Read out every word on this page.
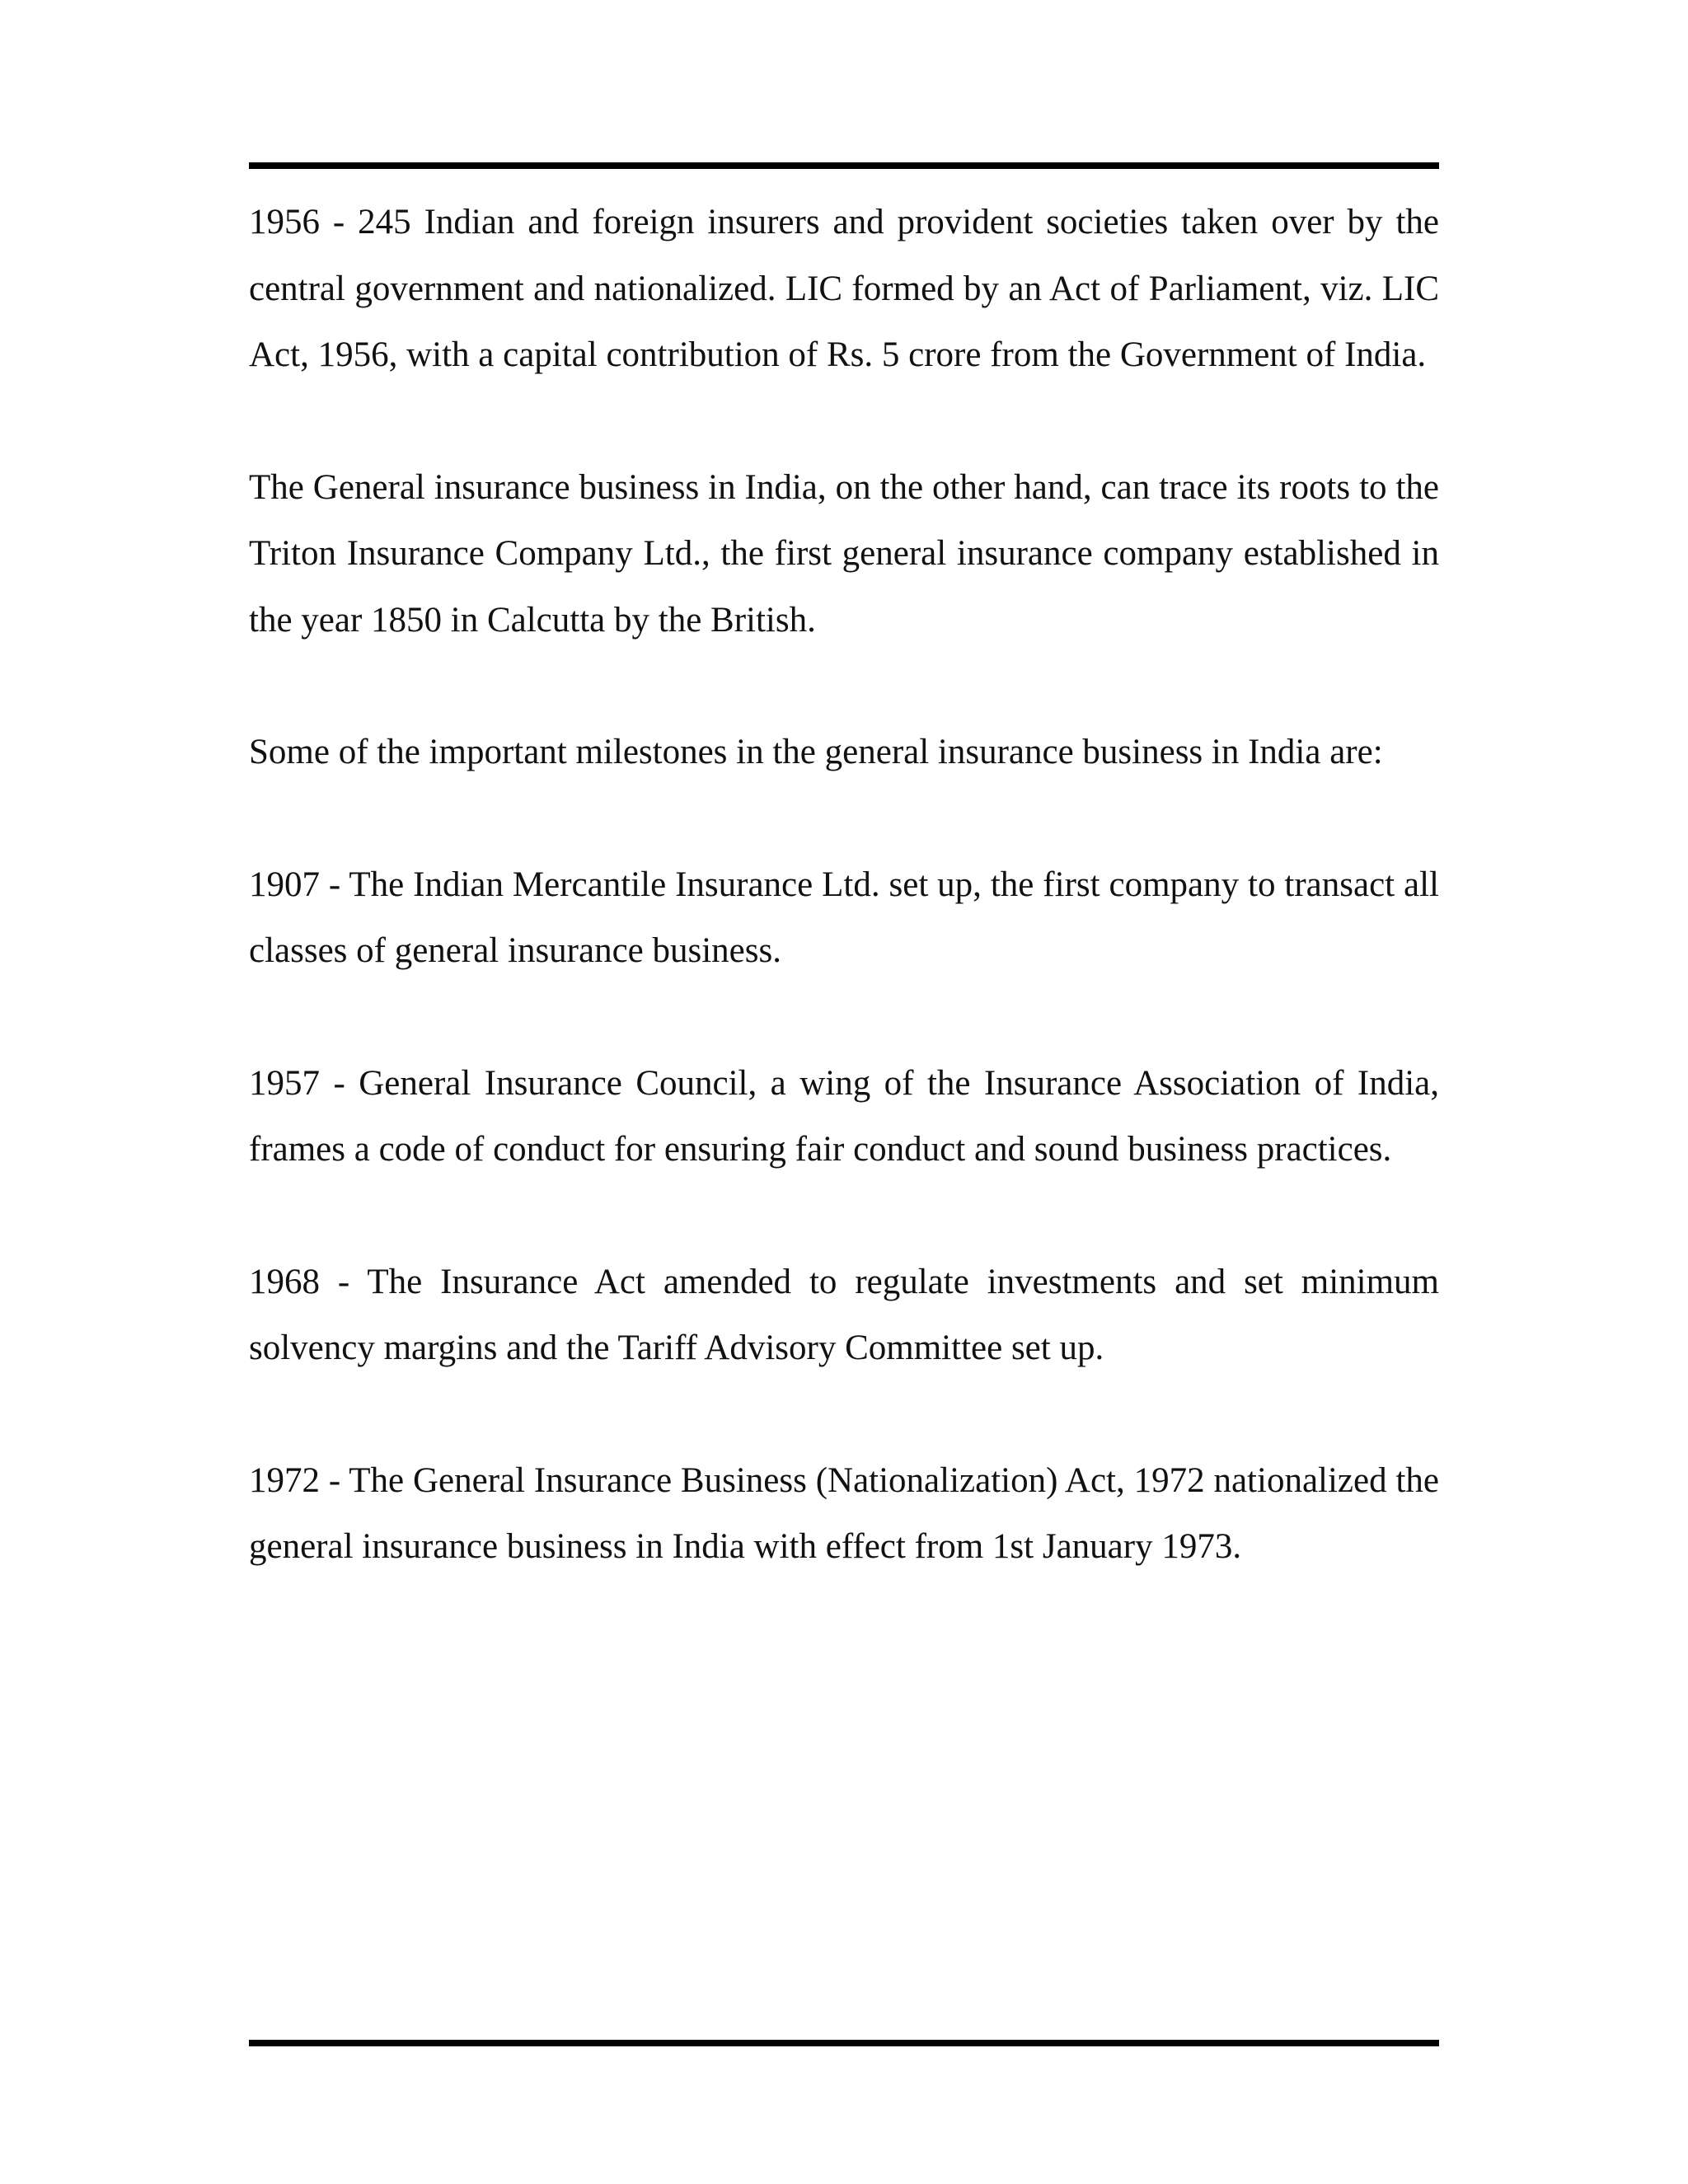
1956 - 245 Indian and foreign insurers and provident societies taken over by the central government and nationalized. LIC formed by an Act of Parliament, viz. LIC Act, 1956, with a capital contribution of Rs. 5 crore from the Government of India.

The General insurance business in India, on the other hand, can trace its roots to the Triton Insurance Company Ltd., the first general insurance company established in the year 1850 in Calcutta by the British.

Some of the important milestones in the general insurance business in India are:

1907 - The Indian Mercantile Insurance Ltd. set up, the first company to transact all classes of general insurance business.

1957 - General Insurance Council, a wing of the Insurance Association of India, frames a code of conduct for ensuring fair conduct and sound business practices.

1968 - The Insurance Act amended to regulate investments and set minimum solvency margins and the Tariff Advisory Committee set up.

1972 - The General Insurance Business (Nationalization) Act, 1972 nationalized the general insurance business in India with effect from 1st January 1973.
